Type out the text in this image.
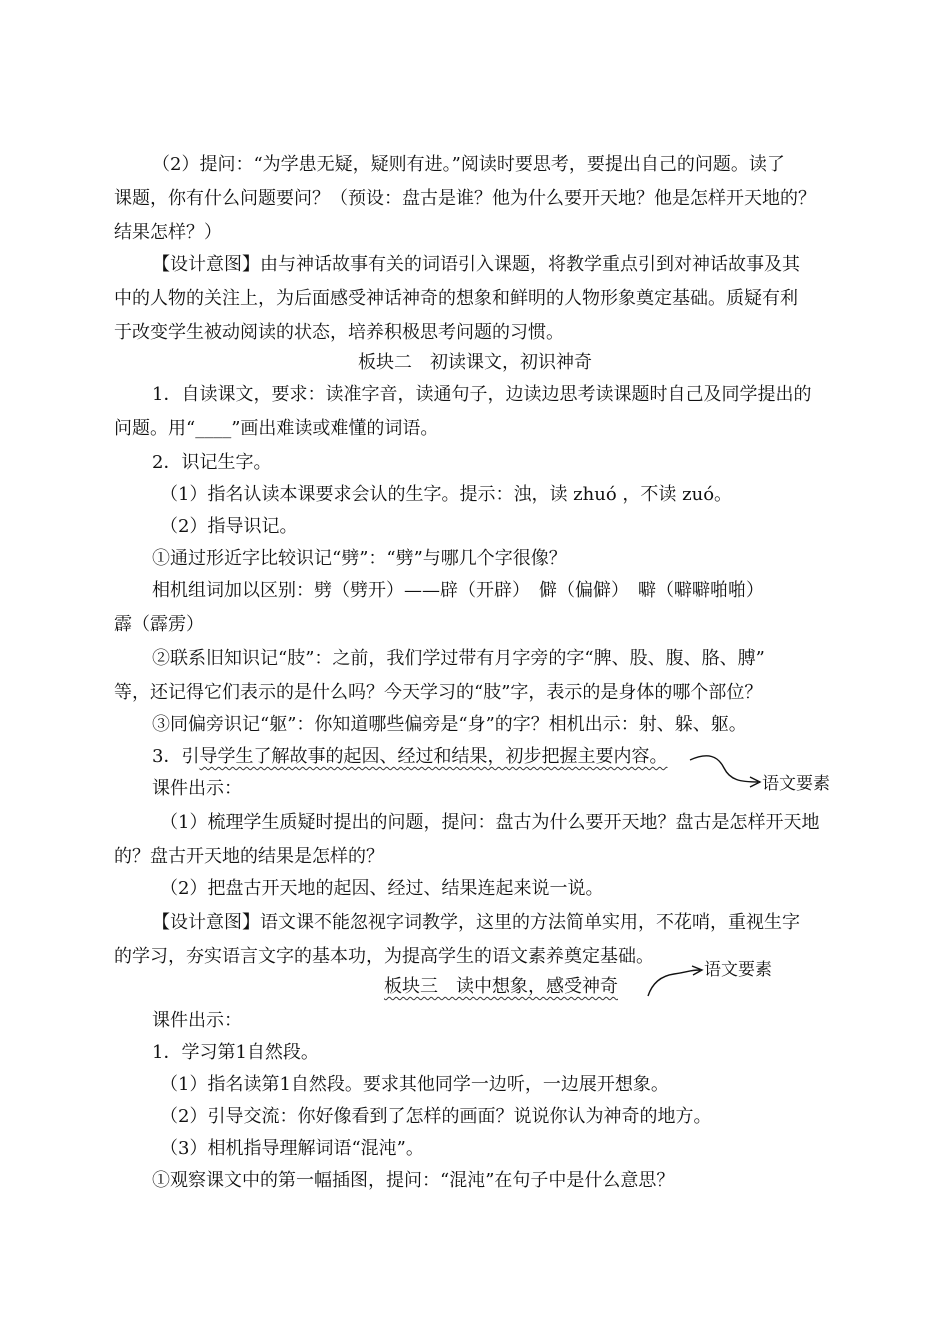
（2）提问：“为学患无疑，疑则有进。”阅读时要思考，要提出自己的问题。读了
课题，你有什么问题要问？（预设：盘古是谁？他为什么要开天地？他是怎样开天地的？
结果怎样？）
【设计意图】由与神话故事有关的词语引入课题，将教学重点引到对神话故事及其
中的人物的关注上，为后面感受神话神奇的想象和鲜明的人物形象奠定基础。质疑有利
于改变学生被动阅读的状态，培养积极思考问题的习惯。
板块二　初读课文，初识神奇
1．自读课文，要求：读准字音，读通句子，边读边思考读课题时自己及同学提出的
问题。用“____”画出难读或难懂的词语。
2．识记生字。
（1）指名认读本课要求会认的生字。提示：浊，读 zhuó ，不读 zuó。
（2）指导识记。
①通过形近字比较识记“劈”：“劈”与哪几个字很像？
相机组词加以区别：劈（劈开）——辟（开辟）　僻（偏僻）　噼（噼噼啪啪）
霹（霹雳）
②联系旧知识记“肢”：之前，我们学过带有月字旁的字“脾、股、腹、胳、膊”
等，还记得它们表示的是什么吗？今天学习的“肢”字，表示的是身体的哪个部位？
③同偏旁识记“躯”：你知道哪些偏旁是“身”的字？相机出示：射、躲、躯。
3．引导学生了解故事的起因、经过和结果，初步把握主要内容。
语文要素
课件出示：
（1）梳理学生质疑时提出的问题，提问：盘古为什么要开天地？盘古是怎样开天地
的？盘古开天地的结果是怎样的？
（2）把盘古开天地的起因、经过、结果连起来说一说。
【设计意图】语文课不能忽视字词教学，这里的方法简单实用，不花哨，重视生字
的学习，夯实语言文字的基本功，为提高学生的语文素养奠定基础。
语文要素
板块三　读中想象，感受神奇
课件出示：
1．学习第1自然段。
（1）指名读第1自然段。要求其他同学一边听，一边展开想象。
（2）引导交流：你好像看到了怎样的画面？说说你认为神奇的地方。
（3）相机指导理解词语“混沌”。
①观察课文中的第一幅插图，提问：“混沌”在句子中是什么意思？
